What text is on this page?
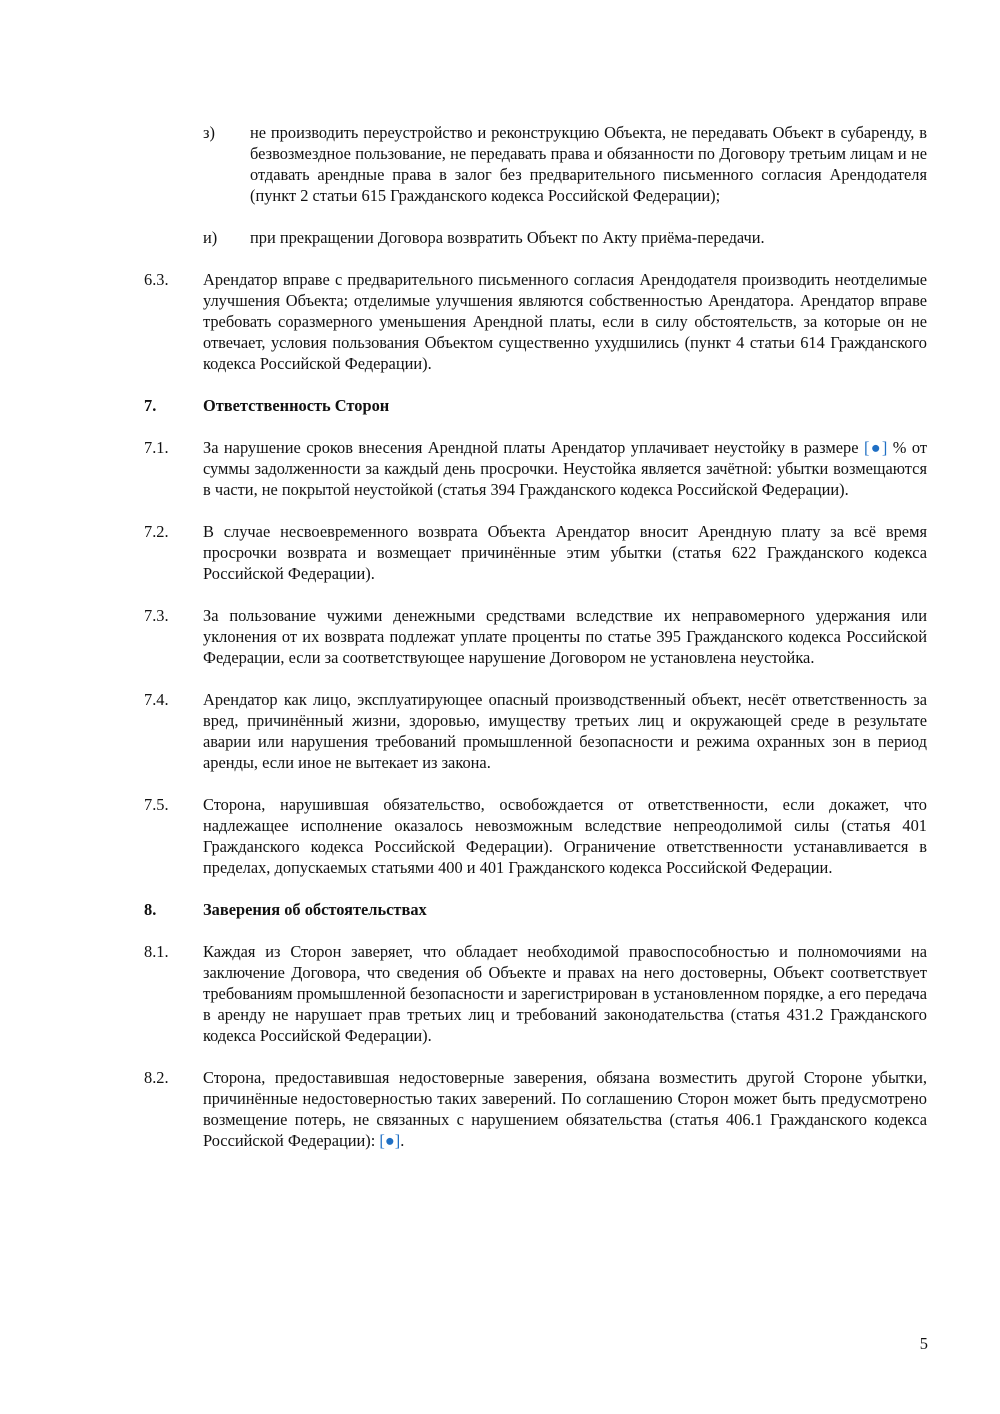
з) не производить переустройство и реконструкцию Объекта, не передавать Объект в субаренду, в безвозмездное пользование, не передавать права и обязанности по Договору третьим лицам и не отдавать арендные права в залог без предварительного письменного согласия Арендодателя (пункт 2 статьи 615 Гражданского кодекса Российской Федерации);
и) при прекращении Договора возвратить Объект по Акту приёма-передачи.
6.3. Арендатор вправе с предварительного письменного согласия Арендодателя производить неотделимые улучшения Объекта; отделимые улучшения являются собственностью Арендатора. Арендатор вправе требовать соразмерного уменьшения Арендной платы, если в силу обстоятельств, за которые он не отвечает, условия пользования Объектом существенно ухудшились (пункт 4 статьи 614 Гражданского кодекса Российской Федерации).
7.	Ответственность Сторон
7.1. За нарушение сроков внесения Арендной платы Арендатор уплачивает неустойку в размере [●] % от суммы задолженности за каждый день просрочки. Неустойка является зачётной: убытки возмещаются в части, не покрытой неустойкой (статья 394 Гражданского кодекса Российской Федерации).
7.2. В случае несвоевременного возврата Объекта Арендатор вносит Арендную плату за всё время просрочки возврата и возмещает причинённые этим убытки (статья 622 Гражданского кодекса Российской Федерации).
7.3. За пользование чужими денежными средствами вследствие их неправомерного удержания или уклонения от их возврата подлежат уплате проценты по статье 395 Гражданского кодекса Российской Федерации, если за соответствующее нарушение Договором не установлена неустойка.
7.4. Арендатор как лицо, эксплуатирующее опасный производственный объект, несёт ответственность за вред, причинённый жизни, здоровью, имуществу третьих лиц и окружающей среде в результате аварии или нарушения требований промышленной безопасности и режима охранных зон в период аренды, если иное не вытекает из закона.
7.5. Сторона, нарушившая обязательство, освобождается от ответственности, если докажет, что надлежащее исполнение оказалось невозможным вследствие непреодолимой силы (статья 401 Гражданского кодекса Российской Федерации). Ограничение ответственности устанавливается в пределах, допускаемых статьями 400 и 401 Гражданского кодекса Российской Федерации.
8.	Заверения об обстоятельствах
8.1. Каждая из Сторон заверяет, что обладает необходимой правоспособностью и полномочиями на заключение Договора, что сведения об Объекте и правах на него достоверны, Объект соответствует требованиям промышленной безопасности и зарегистрирован в установленном порядке, а его передача в аренду не нарушает прав третьих лиц и требований законодательства (статья 431.2 Гражданского кодекса Российской Федерации).
8.2. Сторона, предоставившая недостоверные заверения, обязана возместить другой Стороне убытки, причинённые недостоверностью таких заверений. По соглашению Сторон может быть предусмотрено возмещение потерь, не связанных с нарушением обязательства (статья 406.1 Гражданского кодекса Российской Федерации): [●].
5
